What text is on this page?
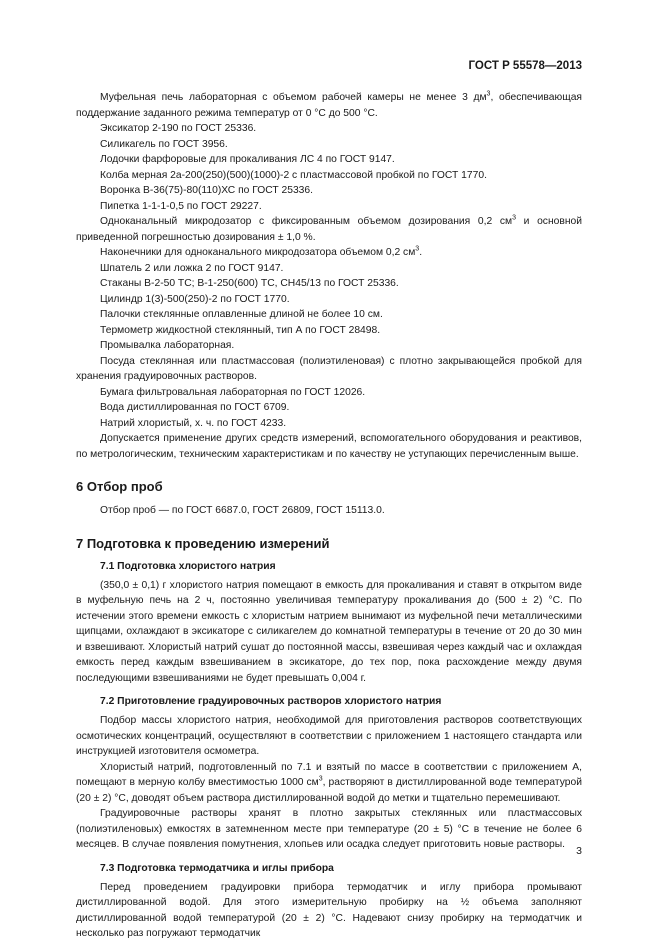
ГОСТ Р 55578—2013

Муфельная печь лабораторная с объемом рабочей камеры не менее 3 $дм^3$, обеспечивающая поддержание заданного режима температур от 0 °С до 500 °С.

Эксикатор 2-190 по ГОСТ 25336.

Силикагель по ГОСТ 3956.

Лодочки фарфоровые для прокаливания ЛС 4 по ГОСТ 9147.

Колба мерная 2а-200(250)(500)(1000)-2 с пластмассовой пробкой по ГОСТ 1770.

Воронка В-36(75)-80(110)ХС по ГОСТ 25336.

Пипетка 1-1-1-0,5 по ГОСТ 29227.

Одноканальный микродозатор с фиксированным объемом дозирования 0,2 $см^3$ и основной приведенной погрешностью дозирования ± 1,0 %.

Наконечники для одноканального микродозатора объемом 0,2 $см^3$.

Шпатель 2 или ложка 2 по ГОСТ 9147.

Стаканы В-2-50 ТС; В-1-250(600) ТС, СН45/13 по ГОСТ 25336.

Цилиндр 1(3)-500(250)-2 по ГОСТ 1770.

Палочки стеклянные оплавленные длиной не более 10 см.

Термометр жидкостной стеклянный, тип А по ГОСТ 28498.

Промывалка лабораторная.

Посуда стеклянная или пластмассовая (полиэтиленовая) с плотно закрывающейся пробкой для хранения градуировочных растворов.

Бумага фильтровальная лабораторная по ГОСТ 12026.

Вода дистиллированная по ГОСТ 6709.

Натрий хлористый, х. ч. по ГОСТ 4233.

Допускается применение других средств измерений, вспомогательного оборудования и реактивов, по метрологическим, техническим характеристикам и по качеству не уступающих перечисленным выше.

6 Отбор проб

Отбор проб — по ГОСТ 6687.0, ГОСТ 26809, ГОСТ 15113.0.

7 Подготовка к проведению измерений
7.1 Подготовка хлористого натрия

(350,0 ± 0,1) г хлористого натрия помещают в емкость для прокаливания и ставят в открытом виде в муфельную печь на 2 ч, постоянно увеличивая температуру прокаливания до (500 ± 2) °С. По истечении этого времени емкость с хлористым натрием вынимают из муфельной печи металлическими щипцами, охлаждают в эксикаторе с силикагелем до комнатной температуры в течение от 20 до 30 мин и взвешивают. Хлористый натрий сушат до постоянной массы, взвешивая через каждый час и охлаждая емкость перед каждым взвешиванием в эксикаторе, до тех пор, пока расхождение между двумя последующими взвешиваниями не будет превышать 0,004 г.

7.2 Приготовление градуировочных растворов хлористого натрия

Подбор массы хлористого натрия, необходимой для приготовления растворов соответствующих осмотических концентраций, осуществляют в соответствии с приложением 1 настоящего стандарта или инструкцией изготовителя осмометра.

Хлористый натрий, подготовленный по 7.1 и взятый по массе в соответствии с приложением А, помещают в мерную колбу вместимостью 1000 $см^3$, растворяют в дистиллированной воде температурой (20 ± 2) °С, доводят объем раствора дистиллированной водой до метки и тщательно перемешивают.

Градуировочные растворы хранят в плотно закрытых стеклянных или пластмассовых (полиэтиленовых) емкостях в затемненном месте при температуре (20 ± 5) °С в течение не более 6 месяцев. В случае появления помутнения, хлопьев или осадка следует приготовить новые растворы.

7.3 Подготовка термодатчика и иглы прибора

Перед проведением градуировки прибора термодатчик и иглу прибора промывают дистиллированной водой. Для этого измерительную пробирку на ½ объема заполняют дистиллированной водой температурой (20 ± 2) °С. Надевают снизу пробирку на термодатчик и несколько раз погружают термодатчик

3
